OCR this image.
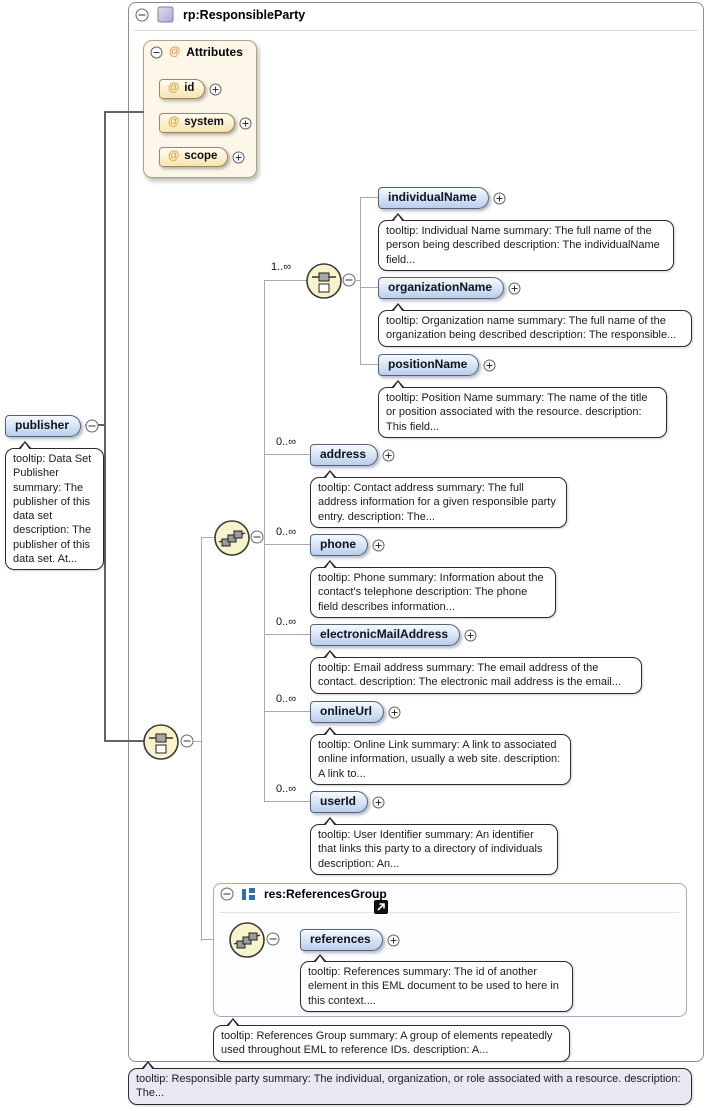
rp:ResponsibleParty
@ Attributes
@ id
@ system
@ scope
publisher
tooltip: Data Set Publisher summary: The publisher of this data set description: The publisher of this data set. At...
1..∞
individualName
tooltip: Individual Name summary: The full name of the person being described description: The individualName field...
organizationName
tooltip: Organization name summary: The full name of the organization being described description: The responsible...
positionName
tooltip: Position Name summary: The name of the title or position associated with the resource. description: This field...
0..∞
address
tooltip: Contact address summary: The full address information for a given responsible party entry. description: The...
0..∞
phone
tooltip: Phone summary: Information about the contact's telephone description: The phone field describes information...
0..∞
electronicMailAddress
tooltip: Email address summary: The email address of the contact. description: The electronic mail address is the email...
0..∞
onlineUrl
tooltip: Online Link summary: A link to associated online information, usually a web site. description: A link to...
0..∞
userId
tooltip: User Identifier summary: An identifier that links this party to a directory of individuals description: An...
res:ReferencesGroup
references
tooltip: References summary: The id of another element in this EML document to be used to here in this context....
tooltip: References Group summary: A group of elements repeatedly used throughout EML to reference IDs. description: A...
tooltip: Responsible party summary: The individual, organization, or role associated with a resource. description: The...
